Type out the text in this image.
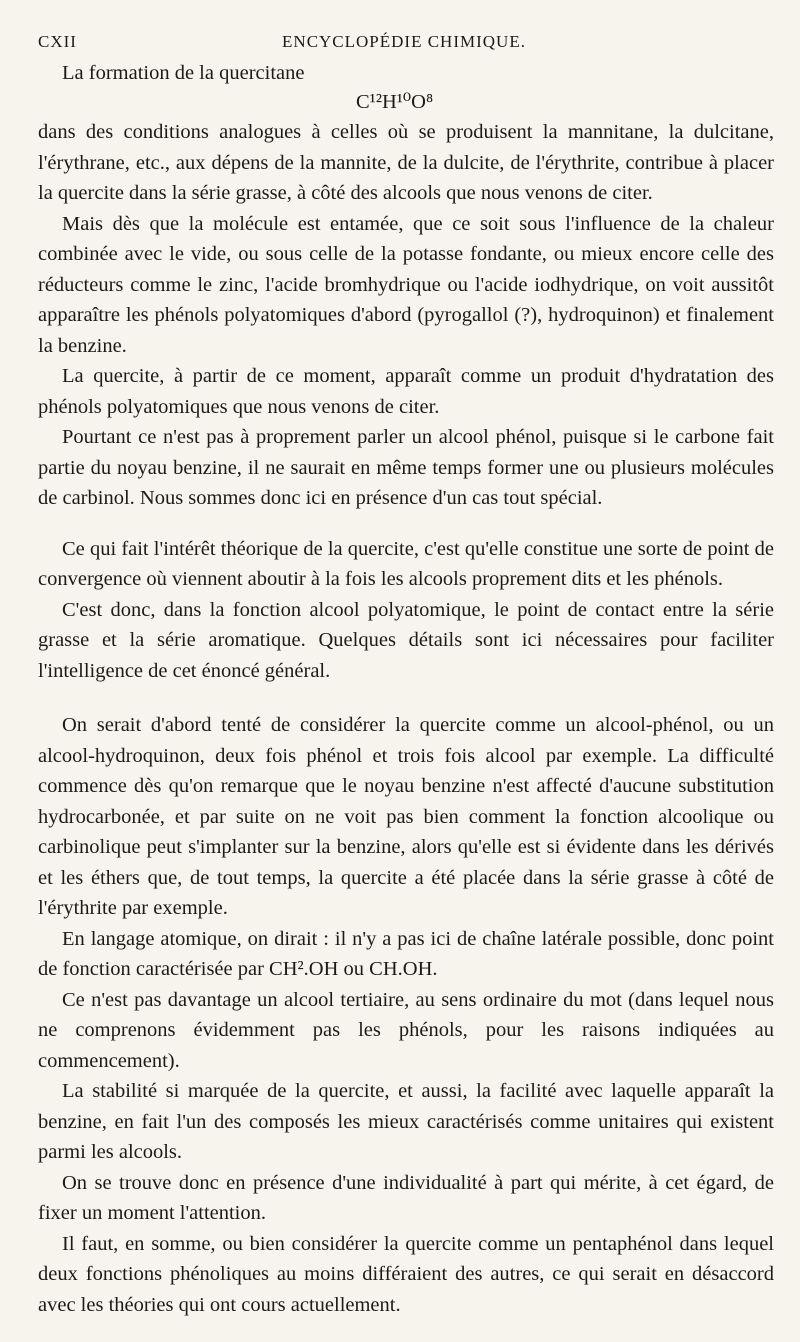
CXII	ENCYCLOPÉDIE CHIMIQUE.

La formation de la quercitane

C¹²H¹⁰O⁸

dans des conditions analogues à celles où se produisent la mannitane, la dulcitane, l'érythrane, etc., aux dépens de la mannite, de la dulcite, de l'érythrite, contribue à placer la quercite dans la série grasse, à côté des alcools que nous venons de citer.

Mais dès que la molécule est entamée, que ce soit sous l'influence de la chaleur combinée avec le vide, ou sous celle de la potasse fondante, ou mieux encore celle des réducteurs comme le zinc, l'acide bromhydrique ou l'acide iodhydrique, on voit aussitôt apparaître les phénols polyatomiques d'abord (pyrogallol (?), hydroquinon) et finalement la benzine.

La quercite, à partir de ce moment, apparaît comme un produit d'hydratation des phénols polyatomiques que nous venons de citer.

Pourtant ce n'est pas à proprement parler un alcool phénol, puisque si le carbone fait partie du noyau benzine, il ne saurait en même temps former une ou plusieurs molécules de carbinol. Nous sommes donc ici en présence d'un cas tout spécial.

Ce qui fait l'intérêt théorique de la quercite, c'est qu'elle constitue une sorte de point de convergence où viennent aboutir à la fois les alcools proprement dits et les phénols.

C'est donc, dans la fonction alcool polyatomique, le point de contact entre la série grasse et la série aromatique. Quelques détails sont ici nécessaires pour faciliter l'intelligence de cet énoncé général.

On serait d'abord tenté de considérer la quercite comme un alcool-phénol, ou un alcool-hydroquinon, deux fois phénol et trois fois alcool par exemple. La difficulté commence dès qu'on remarque que le noyau benzine n'est affecté d'aucune substitution hydrocarbonée, et par suite on ne voit pas bien comment la fonction alcoolique ou carbinolique peut s'implanter sur la benzine, alors qu'elle est si évidente dans les dérivés et les éthers que, de tout temps, la quercite a été placée dans la série grasse à côté de l'érythrite par exemple.

En langage atomique, on dirait : il n'y a pas ici de chaîne latérale possible, donc point de fonction caractérisée par CH².OH ou CH.OH.

Ce n'est pas davantage un alcool tertiaire, au sens ordinaire du mot (dans lequel nous ne comprenons évidemment pas les phénols, pour les raisons indiquées au commencement).

La stabilité si marquée de la quercite, et aussi, la facilité avec laquelle apparaît la benzine, en fait l'un des composés les mieux caractérisés comme unitaires qui existent parmi les alcools.

On se trouve donc en présence d'une individualité à part qui mérite, à cet égard, de fixer un moment l'attention.

Il faut, en somme, ou bien considérer la quercite comme un pentaphénol dans lequel deux fonctions phénoliques au moins différaient des autres, ce qui serait en désaccord avec les théories qui ont cours actuellement.
